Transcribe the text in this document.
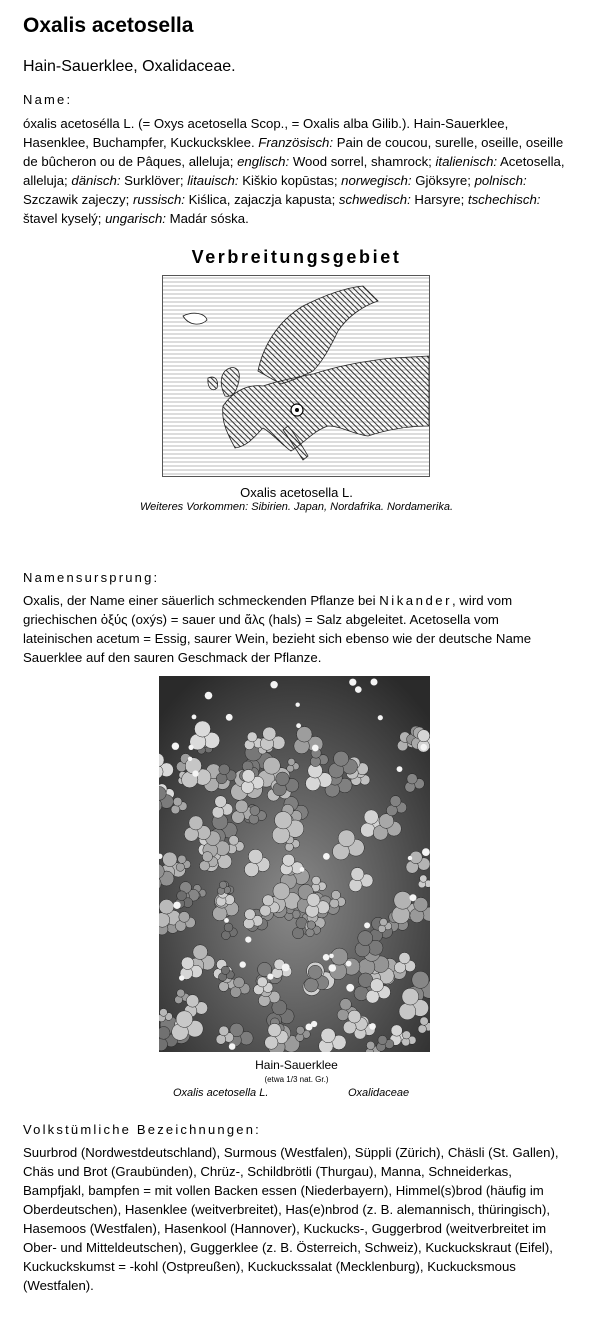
Oxalis acetosella

Hain-Sauerklee, Oxalidaceae.

Name:

óxalis acetoséllа L. (= Oxys acetosella Scop., = Oxalis alba Gilib.). Hain-Sauerklee, Hasenklee, Buchampfer, Kuckucksklee. Französisch: Pain de coucou, surelle, oseille, oseille de bûcheron ou de Pâques, alleluja; englisch: Wood sorrel, shamrock; italienisch: Acetosella, alleluja; dänisch: Surklöver; litauisch: Kiškio kopūstas; norwegisch: Gjöksyre; polnisch: Szczawik zajeczy; russisch: Kiślica, zajaczja kapusta; schwedisch: Harsyre; tschechisch: štavel kyselý; ungarisch: Madár sóska.

Verbreitungsgebiet

Oxalis acetosella L.

Weiteres Vorkommen: Sibirien. Japan, Nordafrika. Nordamerika.

Namensursprung:

Oxalis, der Name einer säuerlich schmeckenden Pflanze bei Nikander, wird vom griechischen ὀξύς (oxýs) = sauer und ἅλς (hals) = Salz abgeleitet. Acetosella vom lateinischen acetum = Essig, saurer Wein, bezieht sich ebenso wie der deutsche Name Sauerklee auf den sauren Geschmack der Pflanze.

Hain-Sauerklee

(etwa 1/3 nat. Gr.)

Oxalis acetosella L.	Oxalidaceae

Volkstümliche Bezeichnungen:

Suurbrod (Nordwestdeutschland), Surmous (Westfalen), Süppli (Zürich), Chäsli (St. Gallen), Chäs und Brot (Graubünden), Chrüz-, Schildbrötli (Thurgau), Manna, Schneiderkas, Bampfjakl, bampfen = mit vollen Backen essen (Niederbayern), Himmel(s)brod (häufig im Oberdeutschen), Hasenklee (weitverbreitet), Has(e)nbrod (z. B. alemannisch, thüringisch), Hasemoos (Westfalen), Hasenkool (Hannover), Kuckucks-, Guggerbrod (weitverbreitet im Ober- und Mitteldeutschen), Guggerklee (z. B. Österreich, Schweiz), Kuckuckskraut (Eifel), Kuckuckskumst = -kohl (Ostpreußen), Kuckuckssalat (Mecklenburg), Kuckucksmous (Westfalen).
